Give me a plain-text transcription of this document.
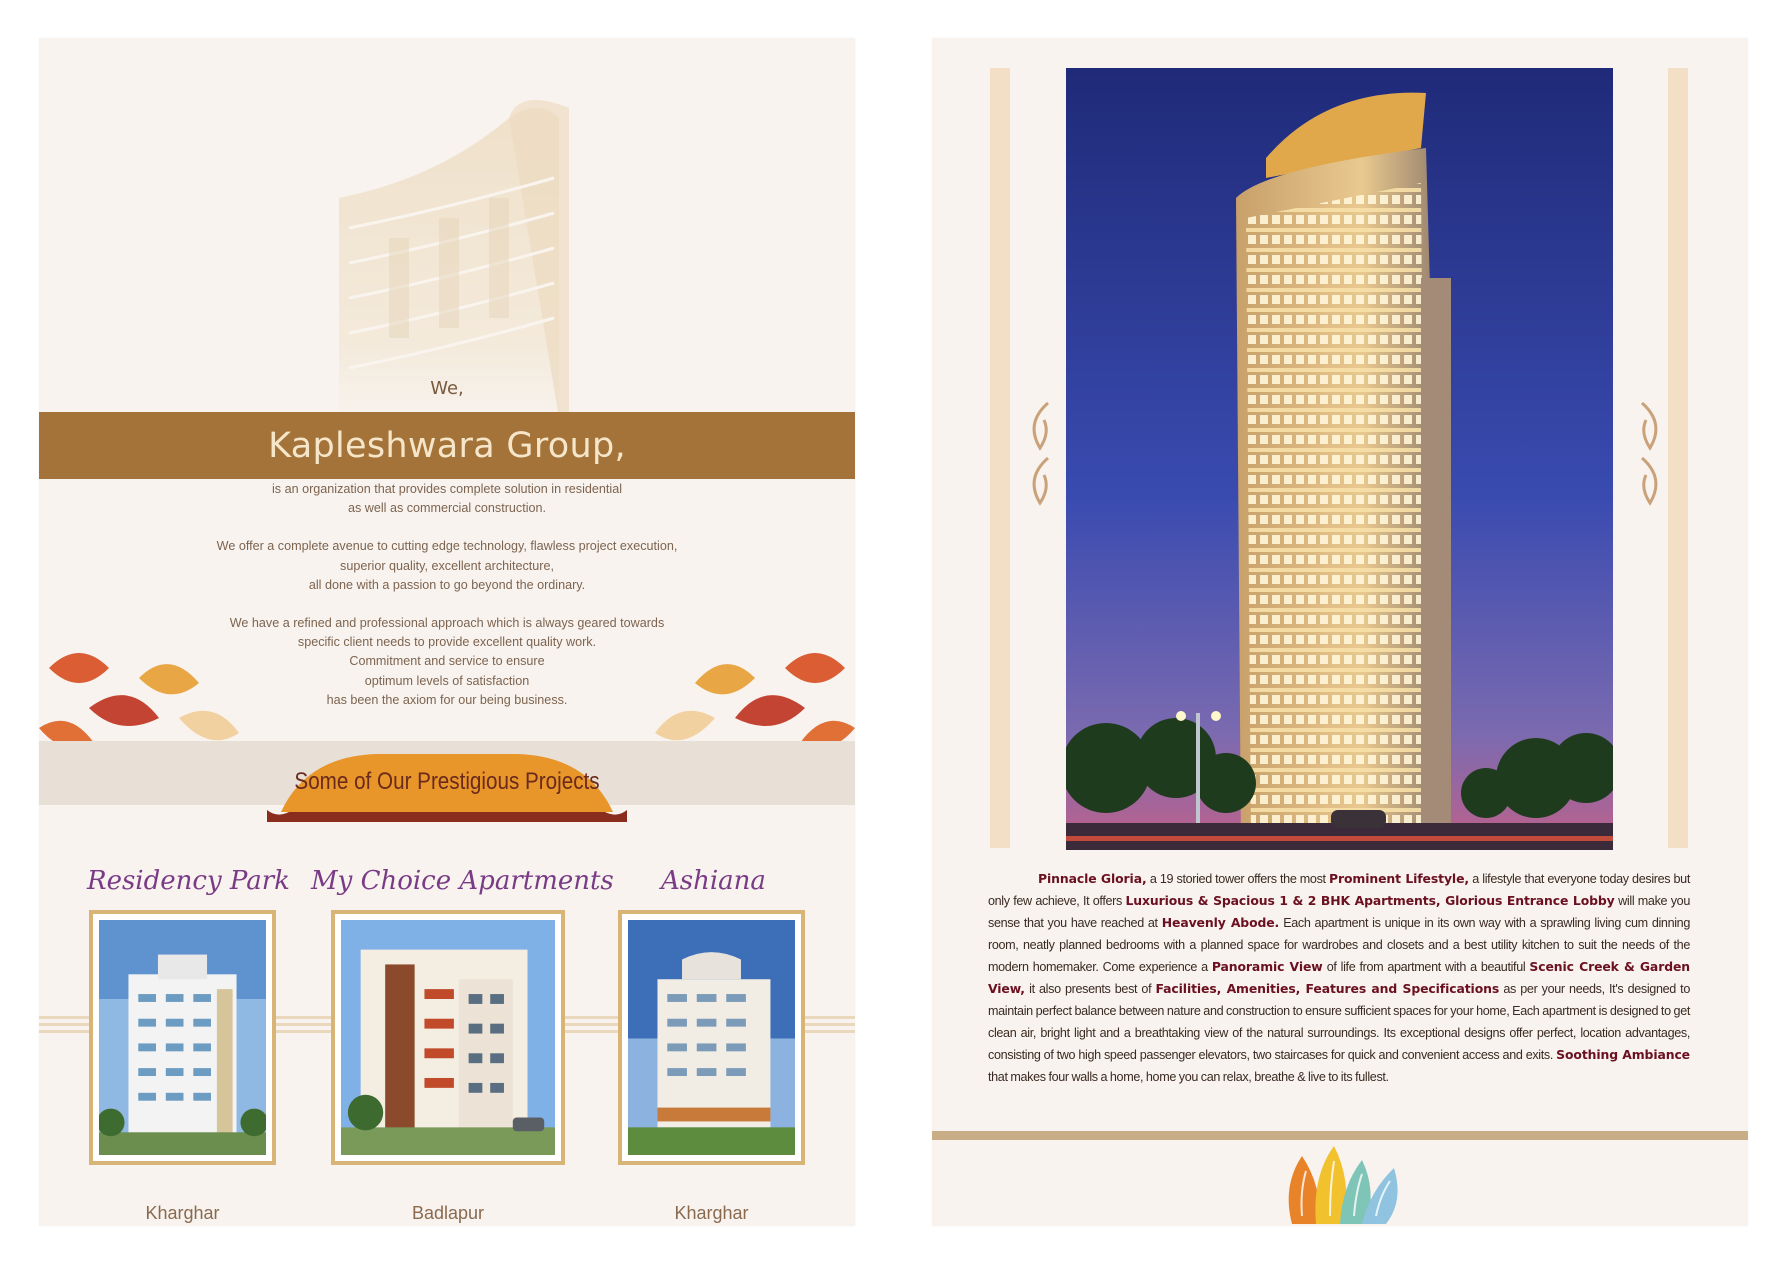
We,
Kapleshwara Group,

is an organization that provides complete solution in residential

as well as commercial construction.

We offer a complete avenue to cutting edge technology, flawless project execution,

superior quality, excellent architecture,

all done with a passion to go beyond the ordinary.

We have a refined and professional approach which is always geared towards

specific client needs to provide excellent quality work.

Commitment and service to ensure

optimum levels of satisfaction

has been the axiom for our being business.

Some of Our Prestigious Projects
Residency Park
Kharghar
My Choice Apartments
Badlapur
Ashiana
Kharghar
Pinnacle Gloria, a 19 storied tower offers the most Prominent Lifestyle, a lifestyle that everyone today desires but only few achieve, It offers Luxurious & Spacious 1 & 2 BHK Apartments, Glorious Entrance Lobby will make you sense that you have reached at Heavenly Abode. Each apartment is unique in its own way with a sprawling living cum dinning room, neatly planned bedrooms with a planned space for wardrobes and closets and a best utility kitchen to suit the needs of the modern homemaker. Come experience a Panoramic View of life from apartment with a beautiful Scenic Creek & Garden View, it also presents best of Facilities, Amenities, Features and Specifications as per your needs, It's designed to maintain perfect balance between nature and construction to ensure sufficient spaces for your home, Each apartment is designed to get clean air, bright light and a breathtaking view of the natural surroundings. Its exceptional designs offer perfect, location advantages, consisting of two high speed passenger elevators, two staircases for quick and convenient access and exits. Soothing Ambiance that makes four walls a home, home you can relax, breathe & live to its fullest.
